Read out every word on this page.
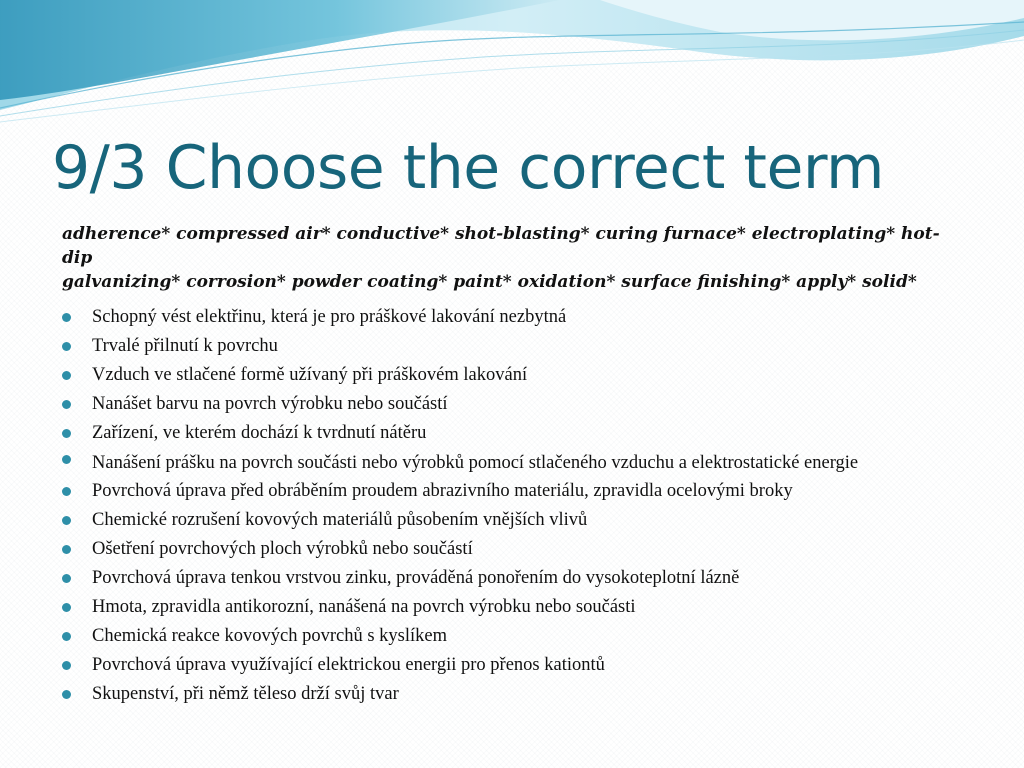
9/3 Choose the correct term
adherence* compressed air* conductive* shot-blasting* curing furnace* electroplating* hot-dip
galvanizing* corrosion* powder coating* paint* oxidation* surface finishing* apply* solid*
Schopný vést elektřinu, která je pro práškové lakování nezbytná
Trvalé přilnutí k povrchu
Vzduch ve stlačené formě užívaný při práškovém lakování
Nanášet barvu na povrch výrobku nebo součástí
Zařízení, ve kterém dochází k tvrdnutí nátěru
Nanášení prášku na povrch součásti nebo výrobků pomocí stlačeného vzduchu a elektrostatické energie
Povrchová úprava před obráběním proudem abrazivního materiálu, zpravidla ocelovými broky
Chemické rozrušení kovových materiálů působením vnějších vlivů
Ošetření povrchových ploch výrobků nebo součástí
Povrchová úprava tenkou vrstvou zinku, prováděná ponořením do vysokoteplotní lázně
Hmota, zpravidla antikorozní, nanášená na povrch výrobku nebo součásti
Chemická reakce kovových povrchů s kyslíkem
Povrchová úprava využívající elektrickou energii pro přenos kationtů
Skupenství, při němž těleso drží svůj tvar
